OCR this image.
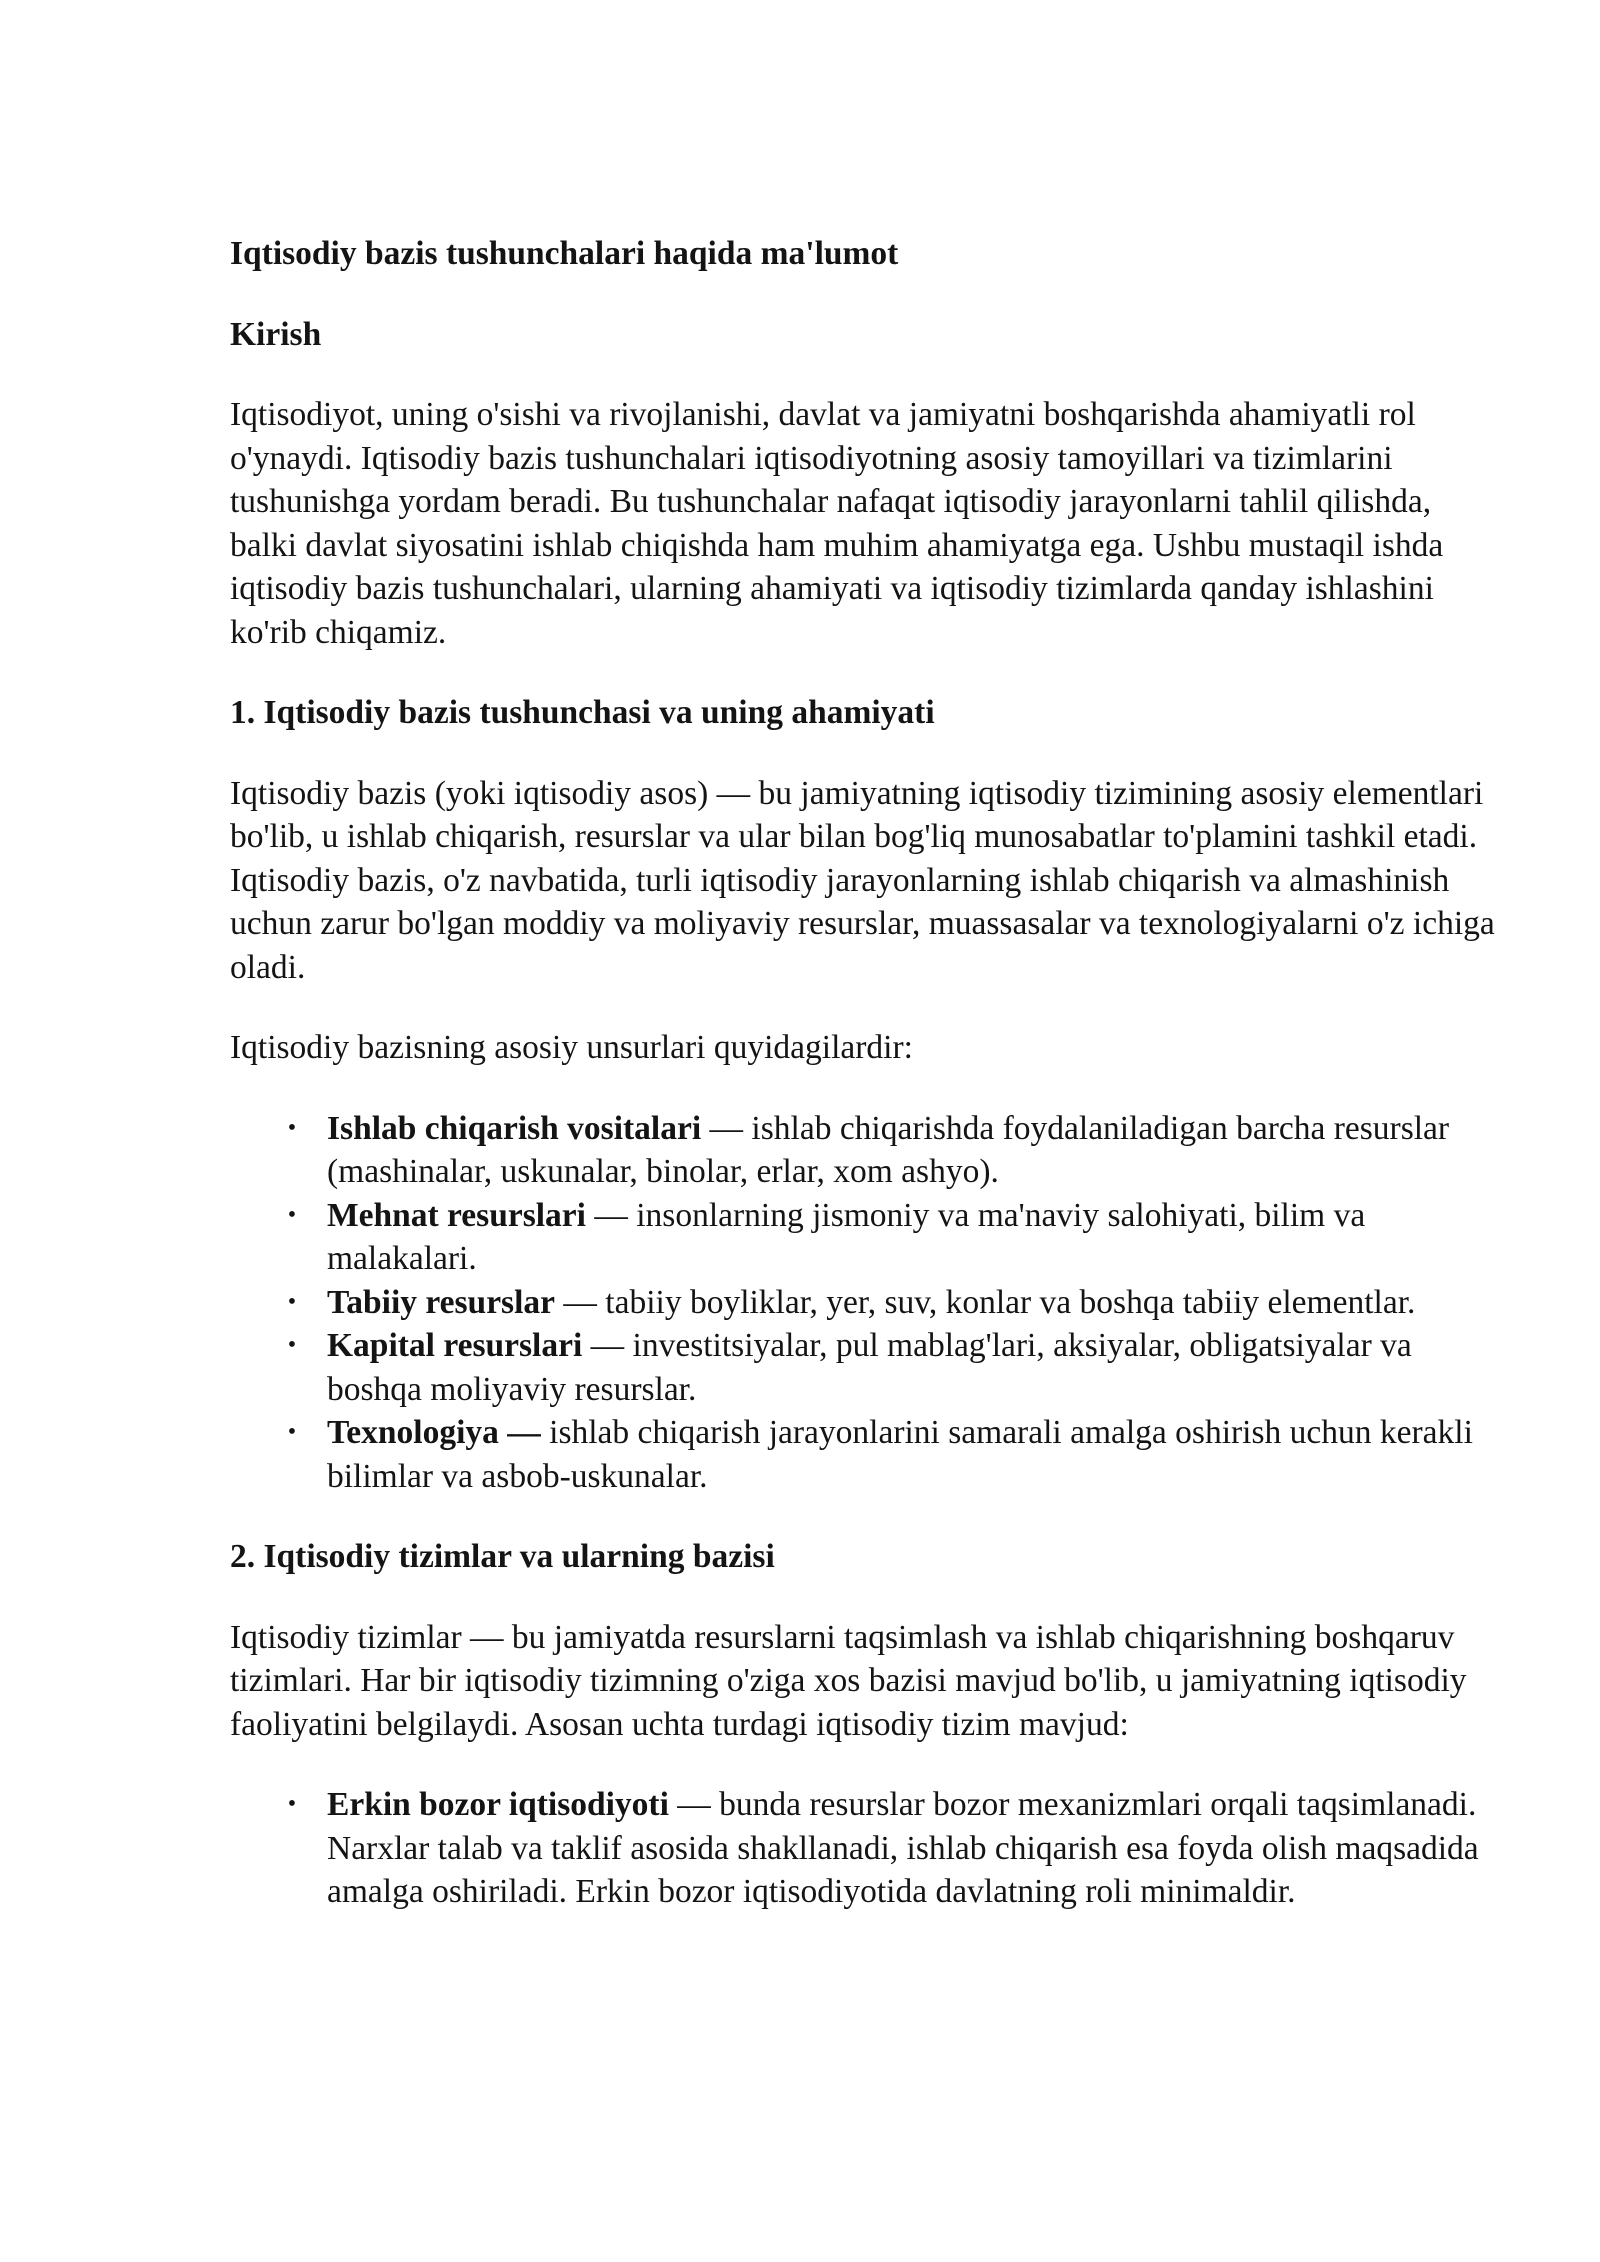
Iqtisodiy bazis tushunchalari haqida ma'lumot
Kirish

Iqtisodiyot, uning o'sishi va rivojlanishi, davlat va jamiyatni boshqarishda ahamiyatli rol o'ynaydi. Iqtisodiy bazis tushunchalari iqtisodiyotning asosiy tamoyillari va tizimlarini tushunishga yordam beradi. Bu tushunchalar nafaqat iqtisodiy jarayonlarni tahlil qilishda, balki davlat siyosatini ishlab chiqishda ham muhim ahamiyatga ega. Ushbu mustaqil ishda iqtisodiy bazis tushunchalari, ularning ahamiyati va iqtisodiy tizimlarda qanday ishlashini ko'rib chiqamiz.

1. Iqtisodiy bazis tushunchasi va uning ahamiyati

Iqtisodiy bazis (yoki iqtisodiy asos) — bu jamiyatning iqtisodiy tizimining asosiy elementlari bo'lib, u ishlab chiqarish, resurslar va ular bilan bog'liq munosabatlar to'plamini tashkil etadi. Iqtisodiy bazis, o'z navbatida, turli iqtisodiy jarayonlarning ishlab chiqarish va almashinish uchun zarur bo'lgan moddiy va moliyaviy resurslar, muassasalar va texnologiyalarni o'z ichiga oladi.

Iqtisodiy bazisning asosiy unsurlari quyidagilardir:

• Ishlab chiqarish vositalari — ishlab chiqarishda foydalaniladigan barcha resurslar (mashinalar, uskunalar, binolar, erlar, xom ashyo).
• Mehnat resurslari — insonlarning jismoniy va ma'naviy salohiyati, bilim va malakalari.
• Tabiiy resurslar — tabiiy boyliklar, yer, suv, konlar va boshqa tabiiy elementlar.
• Kapital resurslari — investitsiyalar, pul mablag'lari, aksiyalar, obligatsiyalar va boshqa moliyaviy resurslar.
• Texnologiya — ishlab chiqarish jarayonlarini samarali amalga oshirish uchun kerakli bilimlar va asbob-uskunalar.
2. Iqtisodiy tizimlar va ularning bazisi

Iqtisodiy tizimlar — bu jamiyatda resurslarni taqsimlash va ishlab chiqarishning boshqaruv tizimlari. Har bir iqtisodiy tizimning o'ziga xos bazisi mavjud bo'lib, u jamiyatning iqtisodiy faoliyatini belgilaydi. Asosan uchta turdagi iqtisodiy tizim mavjud:

• Erkin bozor iqtisodiyoti — bunda resurslar bozor mexanizmlari orqali taqsimlanadi. Narxlar talab va taklif asosida shakllanadi, ishlab chiqarish esa foyda olish maqsadida amalga oshiriladi. Erkin bozor iqtisodiyotida davlatning roli minimaldir.
